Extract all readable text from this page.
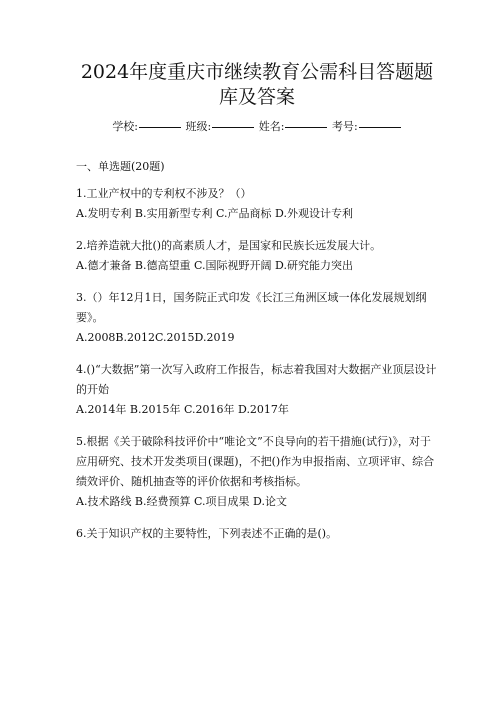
2024年度重庆市继续教育公需科目答题题
库及答案
学校:	班级:	姓名:	考号:
一、单选题(20题)

1.工业产权中的专利权不涉及？（）

A.发明专利 B.实用新型专利 C.产品商标 D.外观设计专利

2.培养造就大批()的高素质人才，是国家和民族长远发展大计。

A.德才兼备 B.德高望重 C.国际视野开阔 D.研究能力突出

3.（）年12月1日，国务院正式印发《长江三角洲区域一体化发展规划纲要》。

A.2008B.2012C.2015D.2019

4.()“大数据”第一次写入政府工作报告，标志着我国对大数据产业顶层设计的开始

A.2014年 B.2015年 C.2016年 D.2017年

5.根据《关于破除科技评价中“唯论文”不良导向的若干措施(试行)》，对于应用研究、技术开发类项目(课题)，不把()作为申报指南、立项评审、综合绩效评价、随机抽查等的评价依据和考核指标。

A.技术路线 B.经费预算 C.项目成果 D.论文

6.关于知识产权的主要特性，下列表述不正确的是()。
